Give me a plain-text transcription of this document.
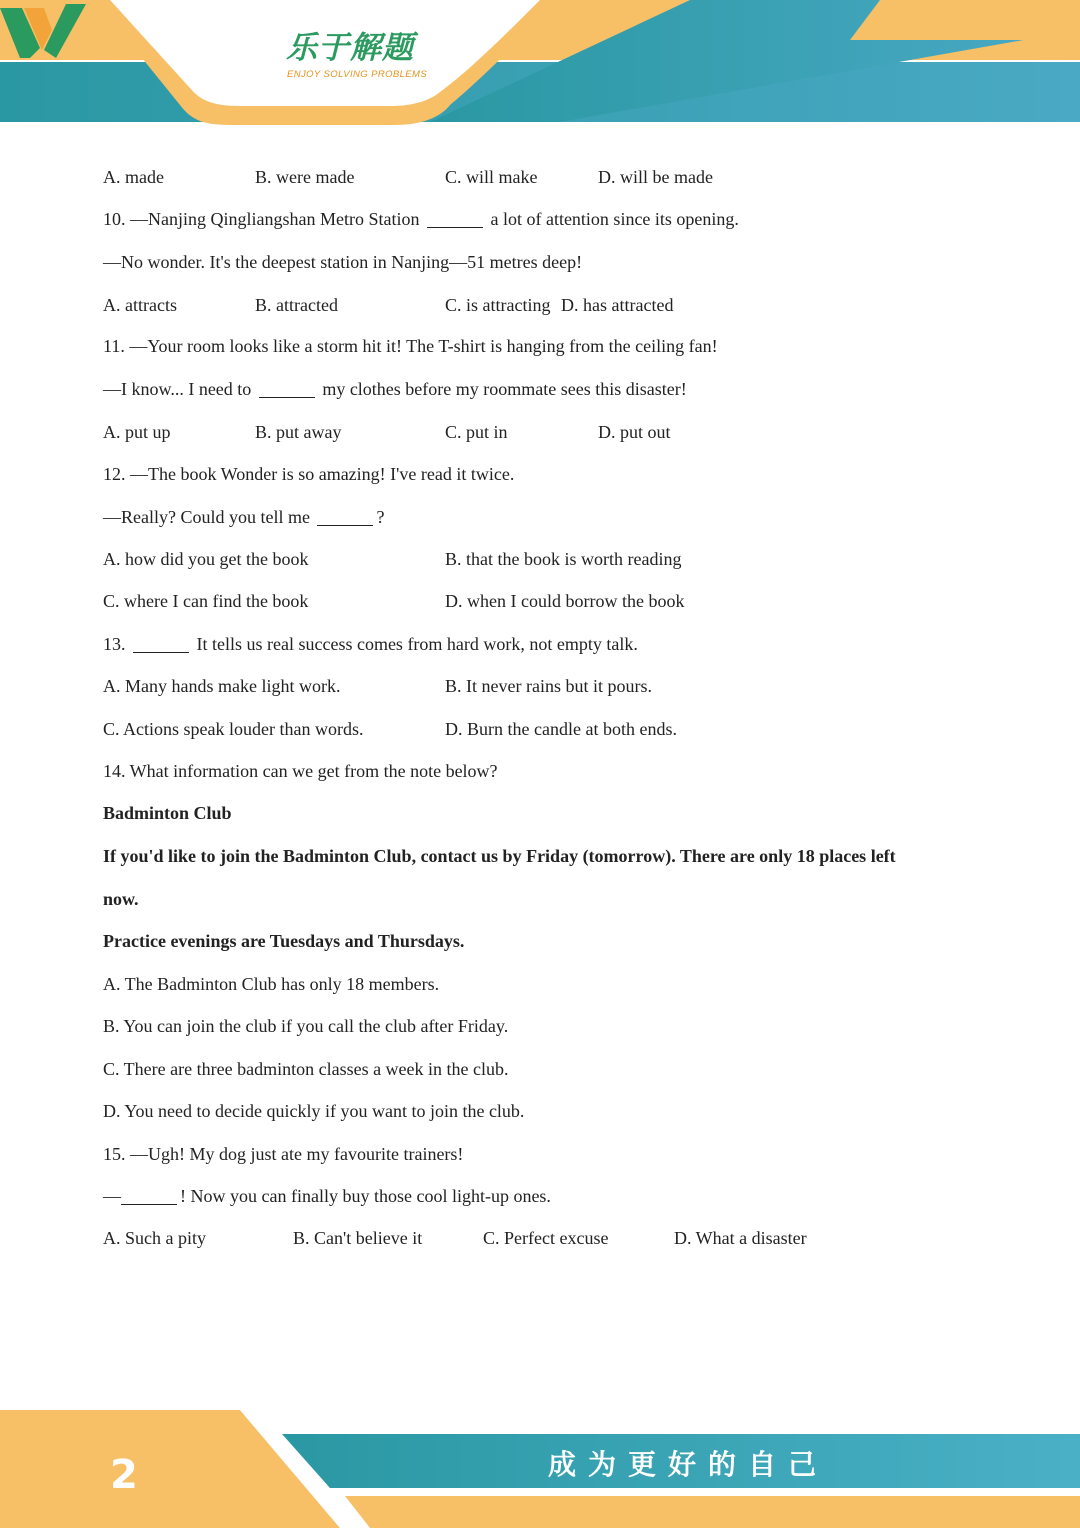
乐于解题
ENJOY SOLVING PROBLEMS
A. made	B. were made	C. will make	D. will be made
10. —Nanjing Qingliangshan Metro Station	a lot of attention since its opening.
—No wonder. It's the deepest station in Nanjing—51 metres deep!
A. attracts	B. attracted	C. is attracting D. has attracted
11. —Your room looks like a storm hit it! The T-shirt is hanging from the ceiling fan!
—I know... I need to	my clothes before my roommate sees this disaster!
A. put up	B. put away	C. put in	D. put out
12. —The book Wonder is so amazing! I've read it twice.
—Really? Could you tell me	?
A. how did you get the book	B. that the book is worth reading
C. where I can find the book	D. when I could borrow the book
13.	It tells us real success comes from hard work, not empty talk.
A. Many hands make light work.	B. It never rains but it pours.
C. Actions speak louder than words.	D. Burn the candle at both ends.
14. What information can we get from the note below?
Badminton Club
If you'd like to join the Badminton Club, contact us by Friday (tomorrow). There are only 18 places left
now.
Practice evenings are Tuesdays and Thursdays.
A. The Badminton Club has only 18 members.
B. You can join the club if you call the club after Friday.
C. There are three badminton classes a week in the club.
D. You need to decide quickly if you want to join the club.
15. —Ugh! My dog just ate my favourite trainers!
—	! Now you can finally buy those cool light-up ones.
A. Such a pity	B. Can't believe it	C. Perfect excuse	D. What a disaster
2	成为更好的自己
